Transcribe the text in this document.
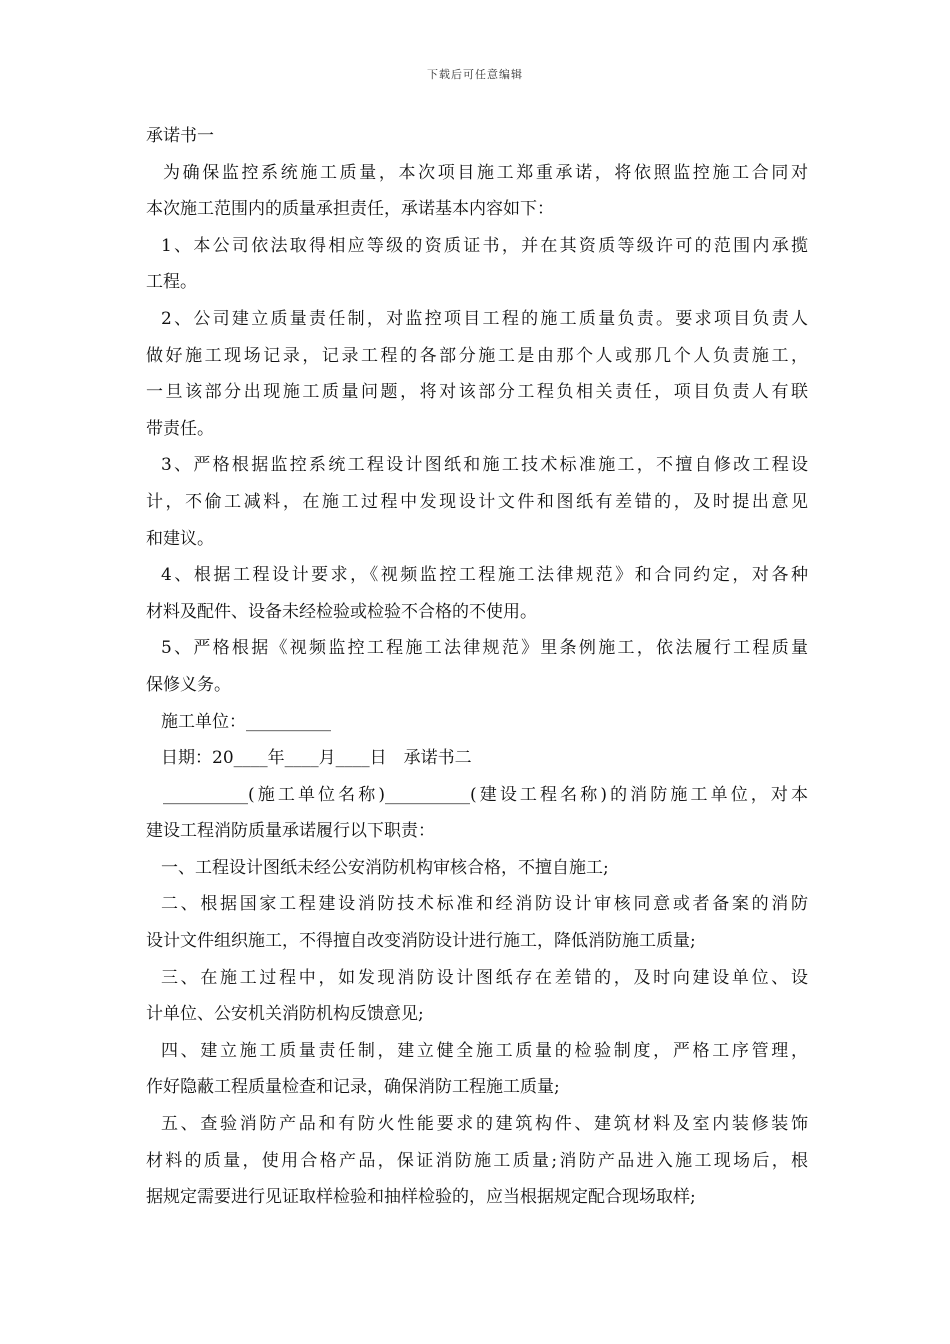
下载后可任意编辑
承诺书一
为确保监控系统施工质量，本次项目施工郑重承诺，将依照监控施工合同对
本次施工范围内的质量承担责任，承诺基本内容如下：
1、本公司依法取得相应等级的资质证书，并在其资质等级许可的范围内承揽
工程。
2、公司建立质量责任制，对监控项目工程的施工质量负责。要求项目负责人
做好施工现场记录，记录工程的各部分施工是由那个人或那几个人负责施工，
一旦该部分出现施工质量问题，将对该部分工程负相关责任，项目负责人有联
带责任。
3、严格根据监控系统工程设计图纸和施工技术标准施工，不擅自修改工程设
计，不偷工减料，在施工过程中发现设计文件和图纸有差错的，及时提出意见
和建议。
4、根据工程设计要求，《视频监控工程施工法律规范》和合同约定，对各种
材料及配件、设备未经检验或检验不合格的不使用。
5、严格根据《视频监控工程施工法律规范》里条例施工，依法履行工程质量
保修义务。
施工单位：__________
日期：20____年____月____日　承诺书二
__________(施工单位名称)__________(建设工程名称)的消防施工单位，对本
建设工程消防质量承诺履行以下职责：
一、工程设计图纸未经公安消防机构审核合格，不擅自施工;
二、根据国家工程建设消防技术标准和经消防设计审核同意或者备案的消防
设计文件组织施工，不得擅自改变消防设计进行施工，降低消防施工质量;
三、在施工过程中，如发现消防设计图纸存在差错的，及时向建设单位、设
计单位、公安机关消防机构反馈意见;
四、建立施工质量责任制，建立健全施工质量的检验制度，严格工序管理，
作好隐蔽工程质量检查和记录，确保消防工程施工质量;
五、查验消防产品和有防火性能要求的建筑构件、建筑材料及室内装修装饰
材料的质量，使用合格产品，保证消防施工质量;消防产品进入施工现场后，根
据规定需要进行见证取样检验和抽样检验的，应当根据规定配合现场取样;
